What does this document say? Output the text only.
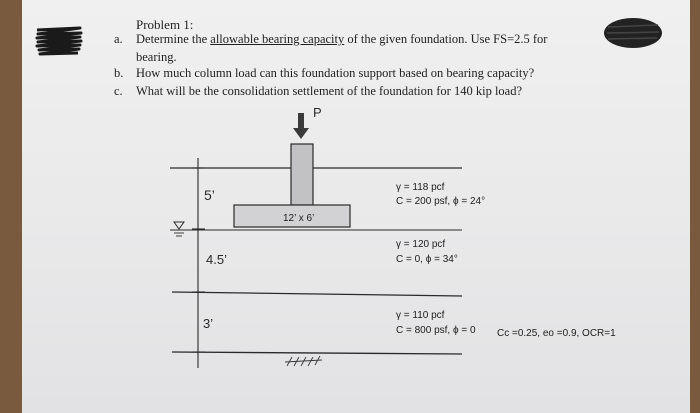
Problem 1:
a. Determine the allowable bearing capacity of the given foundation. Use FS=2.5 for
bearing.
b. How much column load can this foundation support based on bearing capacity?
c. What will be the consolidation settlement of the foundation for 140 kip load?
P
12’ x 6’
5’
4.5’
3’
γ = 118 pcf
C = 200 psf, ϕ = 24°
γ = 120 pcf
C = 0, ϕ = 34°
γ = 110 pcf
C = 800 psf, ϕ = 0 Cc =0.25, eo =0.9, OCR=1
